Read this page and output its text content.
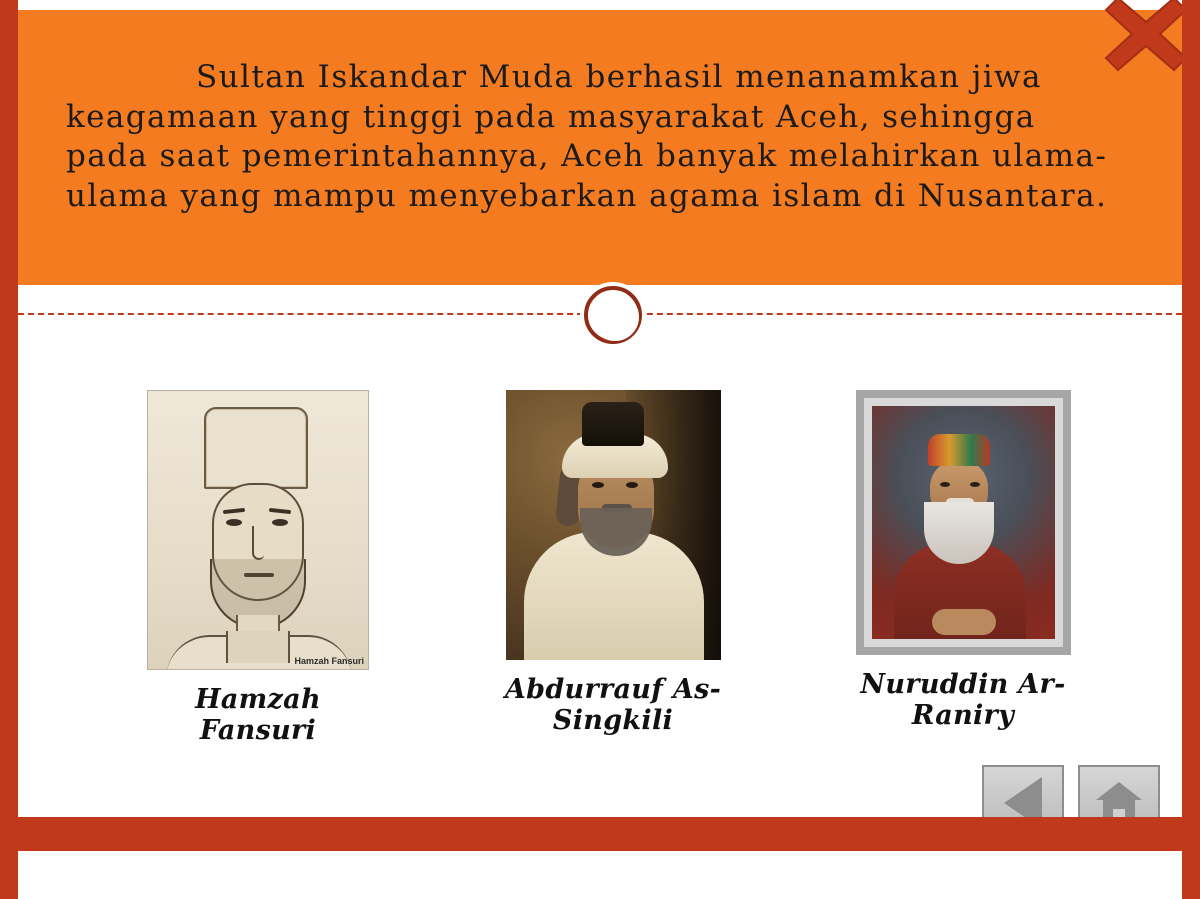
Sultan Iskandar Muda berhasil menanamkan jiwa keagamaan yang tinggi pada masyarakat Aceh, sehingga pada saat pemerintahannya, Aceh banyak melahirkan ulama-ulama yang mampu menyebarkan agama islam di Nusantara.
Hamzah Fansuri
Hamzah Fansuri
Abdurrauf As-Singkili
Nuruddin Ar-Raniry
